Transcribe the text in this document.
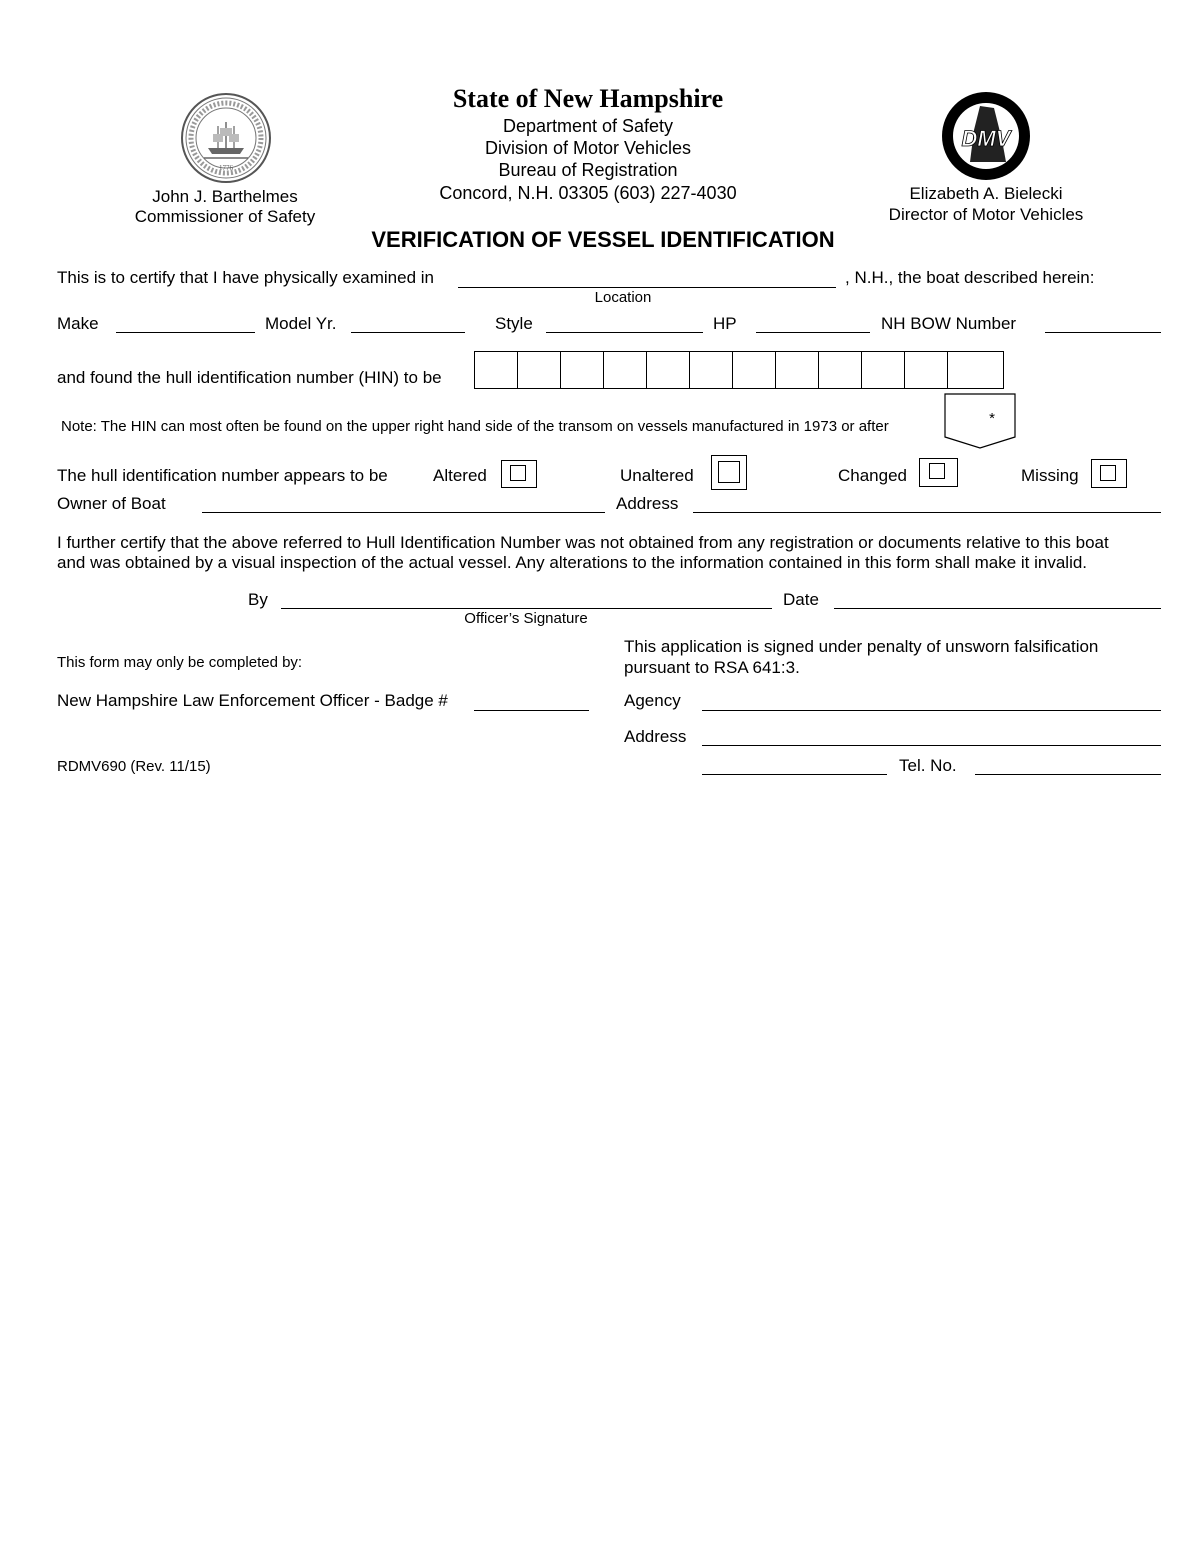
1776
John J. Barthelmes
Commissioner of Safety
State of New Hampshire
Department of Safety
Division of Motor Vehicles
Bureau of Registration
Concord, N.H. 03305 (603) 227-4030
DMV
Elizabeth A. Bielecki
Director of Motor Vehicles
VERIFICATION OF VESSEL IDENTIFICATION
This is to certify that I have physically examined in	, N.H., the boat described herein:
Location
Make	Model Yr.	Style	HP	NH BOW Number
and found the hull identification number (HIN) to be
Note: The HIN can most often be found on the upper right hand side of the transom on vessels manufactured in 1973 or after	*
The hull identification number appears to be	Altered	Unaltered	Changed	Missing
Owner of Boat	Address
I further certify that the above referred to Hull Identification Number was not obtained from any registration or documents relative to this boat
and was obtained by a visual inspection of the actual vessel. Any alterations to the information contained in this form shall make it invalid.
By
Officer’s Signature
Date
This form may only be completed by:
This application is signed under penalty of unsworn falsification
pursuant to RSA 641:3.
New Hampshire Law Enforcement Officer - Badge #	Agency
Address
RDMV690 (Rev. 11/15)	Tel. No.
